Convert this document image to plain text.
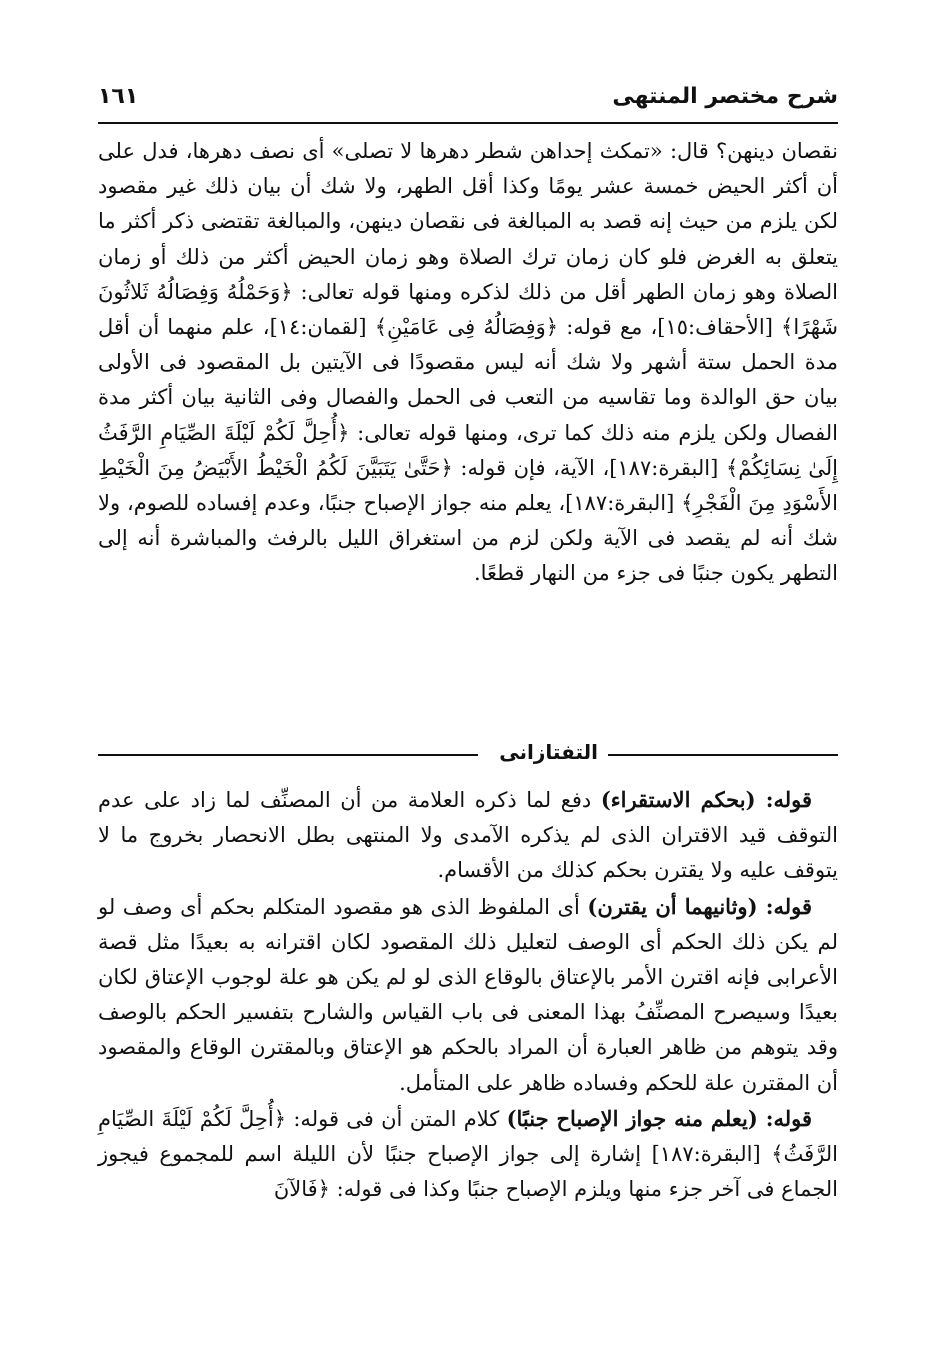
شرح مختصر المنتهى
١٦١

نقصان دينهن؟ قال: «تمكث إحداهن شطر دهرها لا تصلى» أى نصف دهرها، فدل على أن أكثر الحيض خمسة عشر يومًا وكذا أقل الطهر، ولا شك أن بيان ذلك غير مقصود لكن يلزم من حيث إنه قصد به المبالغة فى نقصان دينهن، والمبالغة تقتضى ذكر أكثر ما يتعلق به الغرض فلو كان زمان ترك الصلاة وهو زمان الحيض أكثر من ذلك أو زمان الصلاة وهو زمان الطهر أقل من ذلك لذكره ومنها قوله تعالى: ﴿وَحَمْلُهُ وَفِصَالُهُ ثَلاثُونَ شَهْرًا﴾ [الأحقاف:١٥]، مع قوله: ﴿وَفِصَالُهُ فِى عَامَيْنِ﴾ [لقمان:١٤]، علم منهما أن أقل مدة الحمل ستة أشهر ولا شك أنه ليس مقصودًا فى الآيتين بل المقصود فى الأولى بيان حق الوالدة وما تقاسيه من التعب فى الحمل والفصال وفى الثانية بيان أكثر مدة الفصال ولكن يلزم منه ذلك كما ترى، ومنها قوله تعالى: ﴿أُحِلَّ لَكُمْ لَيْلَةَ الصِّيَامِ الرَّفَثُ إِلَىٰ نِسَائِكُمْ﴾ [البقرة:١٨٧]، الآية، فإن قوله: ﴿حَتَّىٰ يَتَبَيَّنَ لَكُمُ الْخَيْطُ الأَبْيَضُ مِنَ الْخَيْطِ الأَسْوَدِ مِنَ الْفَجْرِ﴾ [البقرة:١٨٧]، يعلم منه جواز الإصباح جنبًا، وعدم إفساده للصوم، ولا شك أنه لم يقصد فى الآية ولكن لزم من استغراق الليل بالرفث والمباشرة أنه إلى التطهر يكون جنبًا فى جزء من النهار قطعًا.

التفتازانى

قوله: (بحكم الاستقراء) دفع لما ذكره العلامة من أن المصنِّف لما زاد على عدم التوقف قيد الاقتران الذى لم يذكره الآمدى ولا المنتهى بطل الانحصار بخروج ما لا يتوقف عليه ولا يقترن بحكم كذلك من الأقسام.

قوله: (وثانيهما أن يقترن) أى الملفوظ الذى هو مقصود المتكلم بحكم أى وصف لو لم يكن ذلك الحكم أى الوصف لتعليل ذلك المقصود لكان اقترانه به بعيدًا مثل قصة الأعرابى فإنه اقترن الأمر بالإعتاق بالوقاع الذى لو لم يكن هو علة لوجوب الإعتاق لكان بعيدًا وسيصرح المصنِّفُ بهذا المعنى فى باب القياس والشارح بتفسير الحكم بالوصف وقد يتوهم من ظاهر العبارة أن المراد بالحكم هو الإعتاق وبالمقترن الوقاع والمقصود أن المقترن علة للحكم وفساده ظاهر على المتأمل.

قوله: (يعلم منه جواز الإصباح جنبًا) كلام المتن أن فى قوله: ﴿أُحِلَّ لَكُمْ لَيْلَةَ الصِّيَامِ الرَّفَثُ﴾ [البقرة:١٨٧] إشارة إلى جواز الإصباح جنبًا لأن الليلة اسم للمجموع فيجوز الجماع فى آخر جزء منها ويلزم الإصباح جنبًا وكذا فى قوله: ﴿فَالآنَ
